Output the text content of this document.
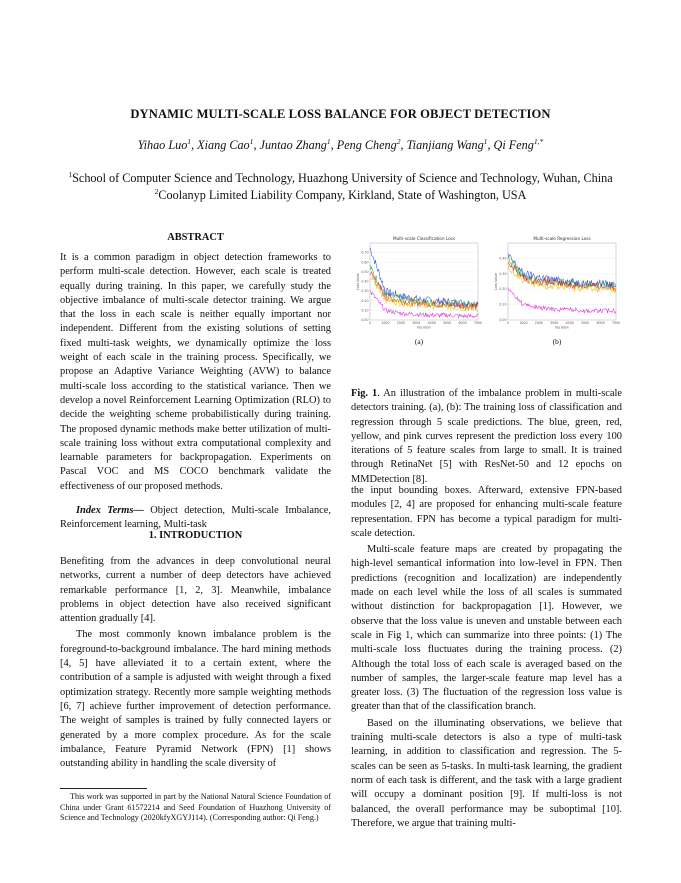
DYNAMIC MULTI-SCALE LOSS BALANCE FOR OBJECT DETECTION
Yihao Luo$^1$, Xiang Cao$^1$, Juntao Zhang$^1$, Peng Cheng$^2$, Tianjiang Wang$^1$, Qi Feng$^{1,*}$
$^1$School of Computer Science and Technology, Huazhong University of Science and Technology, Wuhan, China
$^2$Coolanyp Limited Liability Company, Kirkland, State of Washington, USA
ABSTRACT

It is a common paradigm in object detection frameworks to perform multi-scale detection. However, each scale is treated equally during training. In this paper, we carefully study the objective imbalance of multi-scale detector training. We argue that the loss in each scale is neither equally important nor independent. Different from the existing solutions of setting fixed multi-task weights, we dynamically optimize the loss weight of each scale in the training process. Specifically, we propose an Adaptive Variance Weighting (AVW) to balance multi-scale loss according to the statistical variance. Then we develop a novel Reinforcement Learning Optimization (RLO) to decide the weighting scheme probabilistically during training. The proposed dynamic methods make better utilization of multi-scale training loss without extra computational complexity and learnable parameters for backpropagation. Experiments on Pascal VOC and MS COCO benchmark validate the effectiveness of our proposed methods.

Index Terms— Object detection, Multi-scale Imbalance, Reinforcement learning, Multi-task

1. INTRODUCTION

Benefiting from the advances in deep convolutional neural networks, current a number of deep detectors have achieved remarkable performance [1, 2, 3]. Meanwhile, imbalance problems in object detection have also received significant attention gradually [4].

The most commonly known imbalance problem is the foreground-to-background imbalance. The hard mining methods [4, 5] have alleviated it to a certain extent, where the contribution of a sample is adjusted with weight through a fixed optimization strategy. Recently more sample weighting methods [6, 7] achieve further improvement of detection performance. The weight of samples is trained by fully connected layers or generated by a more complex procedure. As for the scale imbalance, Feature Pyramid Network (FPN) [1] shows outstanding ability in handling the scale diversity of

This work was supported in part by the National Natural Science Foundation of China under Grant 61572214 and Seed Foundation of Huazhong University of Science and Technology (2020kfyXGYJ114). (Corresponding author: Qi Feng.)
Multi-scale Classification Loss
0.00
0.10
0.20
0.30
0.40
0.50
0.60
0.70
0	1000 2000 3000 4000 5000 6000 7000
Iteration
Loss Value
(a)
Multi-scale Regression Loss
0.00
0.10
0.20
0.30
0.40
0	1000 2000 3000 4000 5000 6000 7000
Iteration
Loss Value
(b)
Fig. 1. An illustration of the imbalance problem in multi-scale detectors training. (a), (b): The training loss of classification and regression through 5 scale predictions. The blue, green, red, yellow, and pink curves represent the prediction loss every 100 iterations of 5 feature scales from large to small. It is trained through RetinaNet [5] with ResNet-50 and 12 epochs on MMDetection [8].

the input bounding boxes. Afterward, extensive FPN-based modules [2, 4] are proposed for enhancing multi-scale feature representation. FPN has become a typical paradigm for multi-scale detection.

Multi-scale feature maps are created by propagating the high-level semantical information into low-level in FPN. Then predictions (recognition and localization) are independently made on each level while the loss of all scales is summated without distinction for backpropagation [1]. However, we observe that the loss value is uneven and unstable between each scale in Fig 1, which can summarize into three points: (1) The multi-scale loss fluctuates during the training process. (2) Although the total loss of each scale is averaged based on the number of samples, the larger-scale feature map level has a greater loss. (3) The fluctuation of the regression loss value is greater than that of the classification branch.

Based on the illuminating observations, we believe that training multi-scale detectors is also a type of multi-task learning, in addition to classification and regression. The 5-scales can be seen as 5-tasks. In multi-task learning, the gradient norm of each task is different, and the task with a large gradient will occupy a dominant position [9]. If multi-loss is not balanced, the overall performance may be suboptimal [10]. Therefore, we argue that training multi-
